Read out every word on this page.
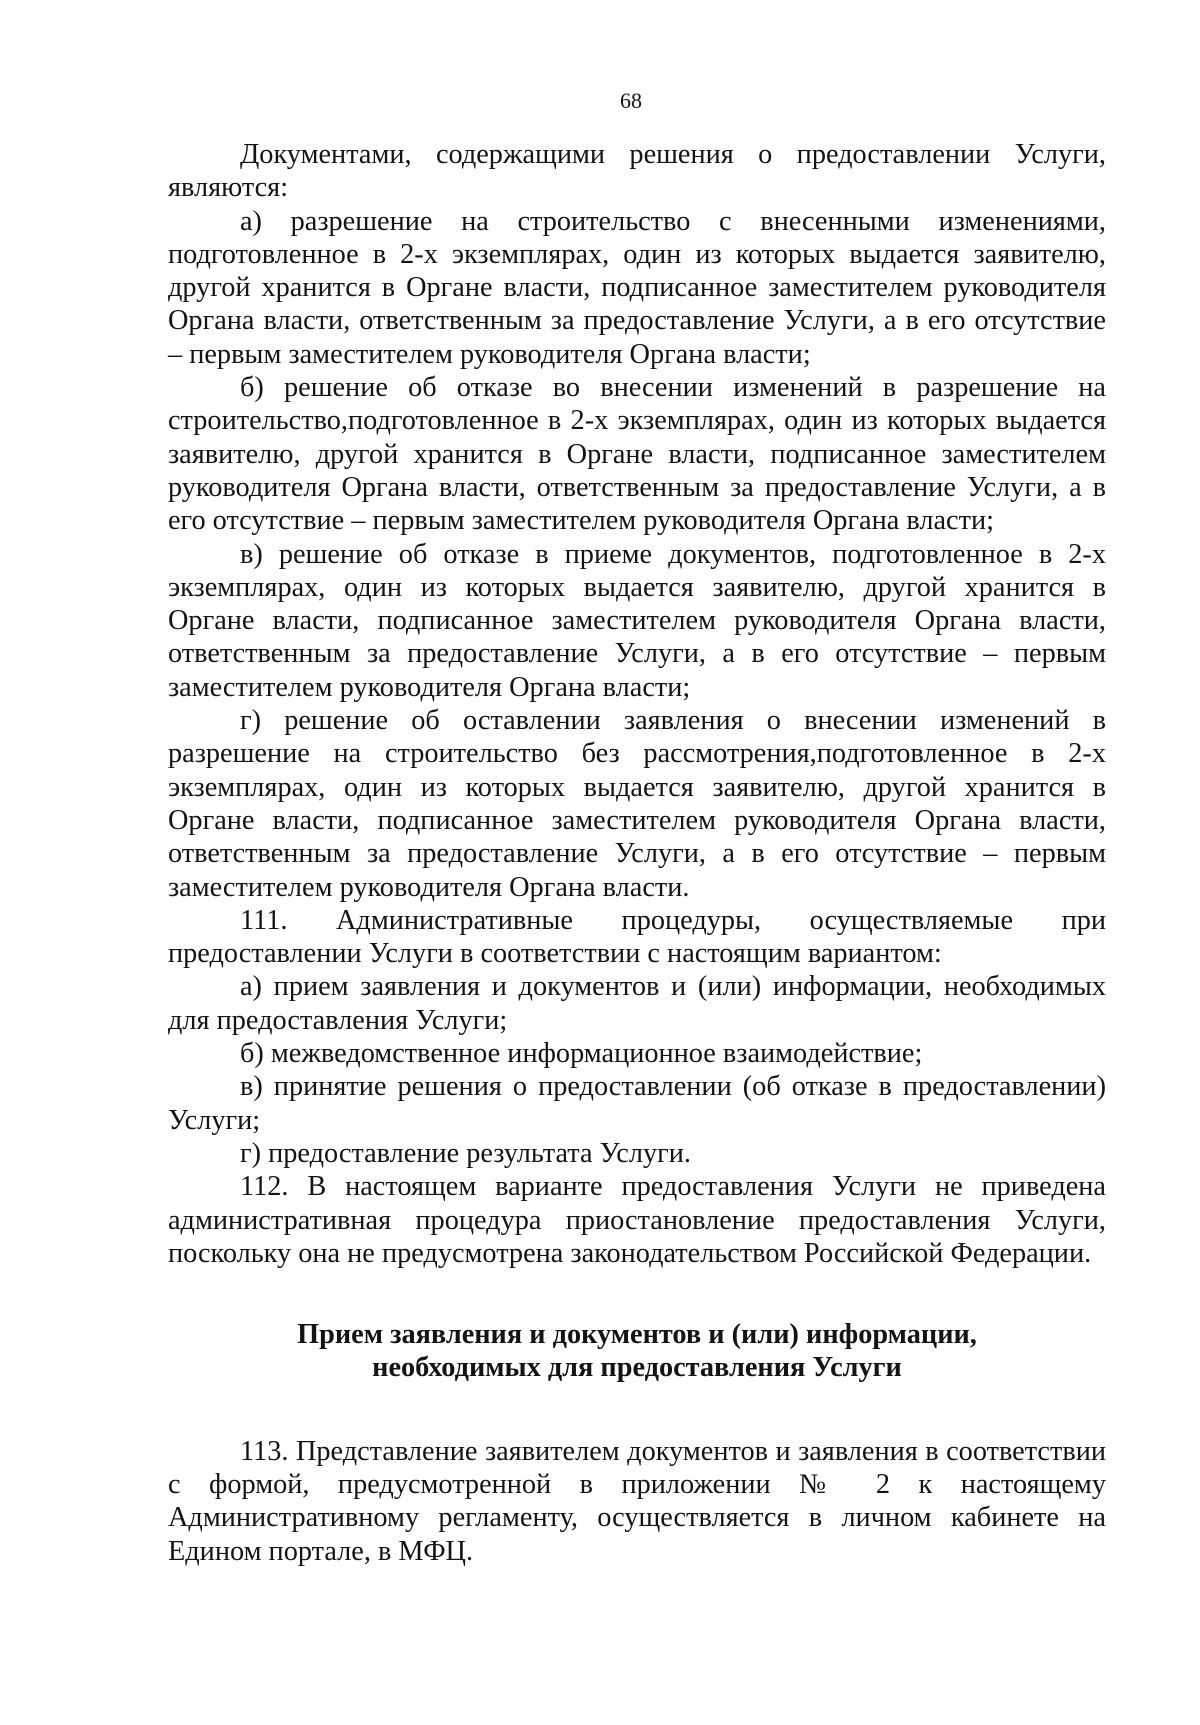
68

Документами, содержащими решения о предоставлении Услуги, являются:

а) разрешение на строительство с внесенными изменениями, подготовленное в 2-х экземплярах, один из которых выдается заявителю, другой хранится в Органе власти, подписанное заместителем руководителя Органа власти, ответственным за предоставление Услуги, а в его отсутствие – первым заместителем руководителя Органа власти;

б) решение об отказе во внесении изменений в разрешение на строительство,подготовленное в 2-х экземплярах, один из которых выдается заявителю, другой хранится в Органе власти, подписанное заместителем руководителя Органа власти, ответственным за предоставление Услуги, а в его отсутствие – первым заместителем руководителя Органа власти;

в) решение об отказе в приеме документов, подготовленное в 2-х экземплярах, один из которых выдается заявителю, другой хранится в Органе власти, подписанное заместителем руководителя Органа власти, ответственным за предоставление Услуги, а в его отсутствие – первым заместителем руководителя Органа власти;

г) решение об оставлении заявления о внесении изменений в разрешение на строительство без рассмотрения,подготовленное в 2-х экземплярах, один из которых выдается заявителю, другой хранится в Органе власти, подписанное заместителем руководителя Органа власти, ответственным за предоставление Услуги, а в его отсутствие – первым заместителем руководителя Органа власти.

111. Административные процедуры, осуществляемые при предоставлении Услуги в соответствии с настоящим вариантом:

а) прием заявления и документов и (или) информации, необходимых для предоставления Услуги;

б) межведомственное информационное взаимодействие;

в) принятие решения о предоставлении (об отказе в предоставлении) Услуги;

г) предоставление результата Услуги.

112. В настоящем варианте предоставления Услуги не приведена административная процедура приостановление предоставления Услуги, поскольку она не предусмотрена законодательством Российской Федерации.

Прием заявления и документов и (или) информации,
необходимых для предоставления Услуги

113. Представление заявителем документов и заявления в соответствии с формой, предусмотренной в приложении № 2 к настоящему Административному регламенту, осуществляется в личном кабинете на Едином портале, в МФЦ.
